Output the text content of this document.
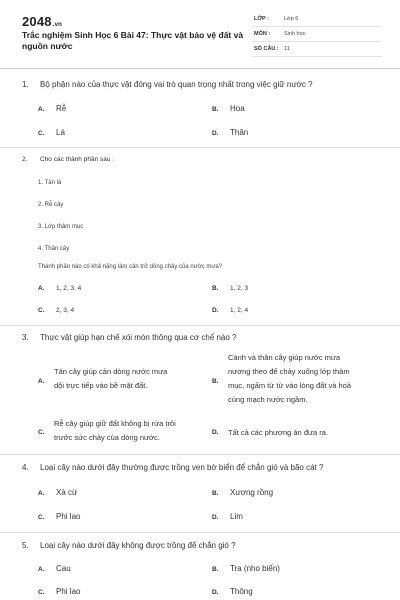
2048.vn
Trắc nghiệm Sinh Học 6 Bài 47: Thực vật bảo vệ đất và nguồn nước
LỚP :	Lớp 6
MÔN :	Sinh học
SỐ CÂU : 11
1. Bộ phận nào của thực vật đóng vai trò quan trọng nhất trong việc giữ nước ?
A. Rễ	B. Hoa
C. Lá	D. Thân
2. Cho các thành phần sau :
1. Tán lá
2. Rễ cây
3. Lớp thảm mục
4. Thân cây
Thành phần nào có khả năng làm cản trở dòng chảy của nước mưa?
A. 1, 2, 3, 4	B. 1, 2, 3
C. 2, 3, 4	D. 1, 2, 4
3. Thực vật giúp hạn chế xói mòn thông qua cơ chế nào ?
A.
Tán cây giúp cản dòng nước mưa
dội trực tiếp vào bề mặt đất.	B.
Cành và thân cây giúp nước mưa
nương theo để chảy xuống lớp thảm
mục, ngấm từ từ vào lòng đất và hoà
cùng mạch nước ngầm.
C.
Rễ cây giúp giữ đất không bị rửa trôi
trước sức chảy của dòng nước.
D. Tất cả các phương án đưa ra.
4. Loại cây nào dưới đây thường được trồng ven bờ biển để chắn gió và bão cát ?
A. Xà cừ	B. Xương rồng
C. Phi lao	D. Lim
5. Loại cây nào dưới đây không được trồng để chắn gió ?
A. Cau	B. Tra (nho biển)
C. Phi lao	D. Thông
